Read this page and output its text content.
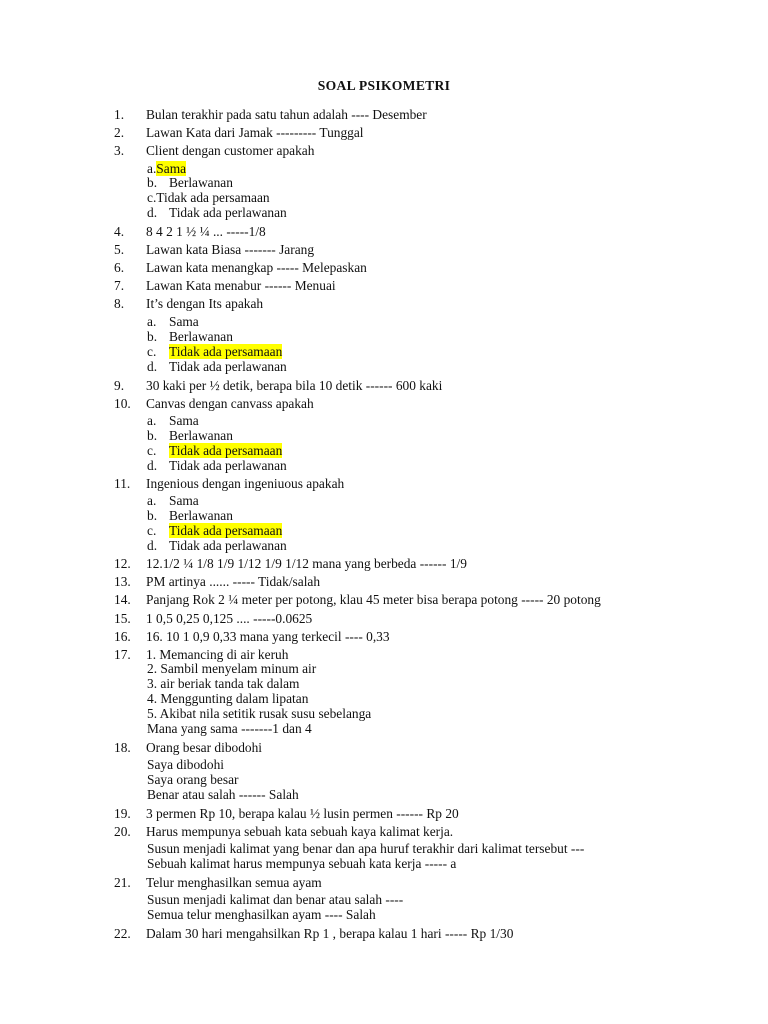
SOAL PSIKOMETRI
1. Bulan terakhir pada satu tahun adalah ---- Desember
2. Lawan Kata dari Jamak --------- Tunggal
3. Client dengan customer apakah
a.Sama
b. Berlawanan
c.Tidak ada persamaan
d. Tidak ada perlawanan
4. 8 4 2 1 ½ ¼ ... -----1/8
5. Lawan kata Biasa ------- Jarang
6. Lawan kata menangkap ----- Melepaskan
7. Lawan Kata menabur ------ Menuai
8. It’s dengan Its apakah
a. Sama
b. Berlawanan
c. Tidak ada persamaan
d. Tidak ada perlawanan
9. 30 kaki per ½ detik, berapa bila 10 detik ------ 600 kaki
10. Canvas dengan canvass apakah
a. Sama
b. Berlawanan
c. Tidak ada persamaan
d. Tidak ada perlawanan
11. Ingenious dengan ingeniuous apakah
a. Sama
b. Berlawanan
c. Tidak ada persamaan
d. Tidak ada perlawanan
12. 12.1/2 ¼ 1/8 1/9 1/12 1/9 1/12 mana yang berbeda ------ 1/9
13. PM artinya ...... ----- Tidak/salah
14. Panjang Rok 2 ¼ meter per potong, klau 45 meter bisa berapa potong ----- 20 potong
15. 1 0,5 0,25 0,125 .... -----0.0625
16. 16. 10 1 0,9 0,33 mana yang terkecil ---- 0,33
17. 1. Memancing di air keruh
2. Sambil menyelam minum air
3. air beriak tanda tak dalam
4. Menggunting dalam lipatan
5. Akibat nila setitik rusak susu sebelanga
Mana yang sama -------1 dan 4
18. Orang besar dibodohi
Saya dibodohi
Saya orang besar
Benar atau salah ------ Salah
19. 3 permen Rp 10, berapa kalau ½ lusin permen ------ Rp 20
20. Harus mempunya sebuah kata sebuah kaya kalimat kerja.
Susun menjadi kalimat yang benar dan apa huruf terakhir dari kalimat tersebut ---
Sebuah kalimat harus mempunya sebuah kata kerja ----- a
21. Telur menghasilkan semua ayam
Susun menjadi kalimat dan benar atau salah ----
Semua telur menghasilkan ayam ---- Salah
22. Dalam 30 hari mengahsilkan Rp 1 , berapa kalau 1 hari ----- Rp 1/30
